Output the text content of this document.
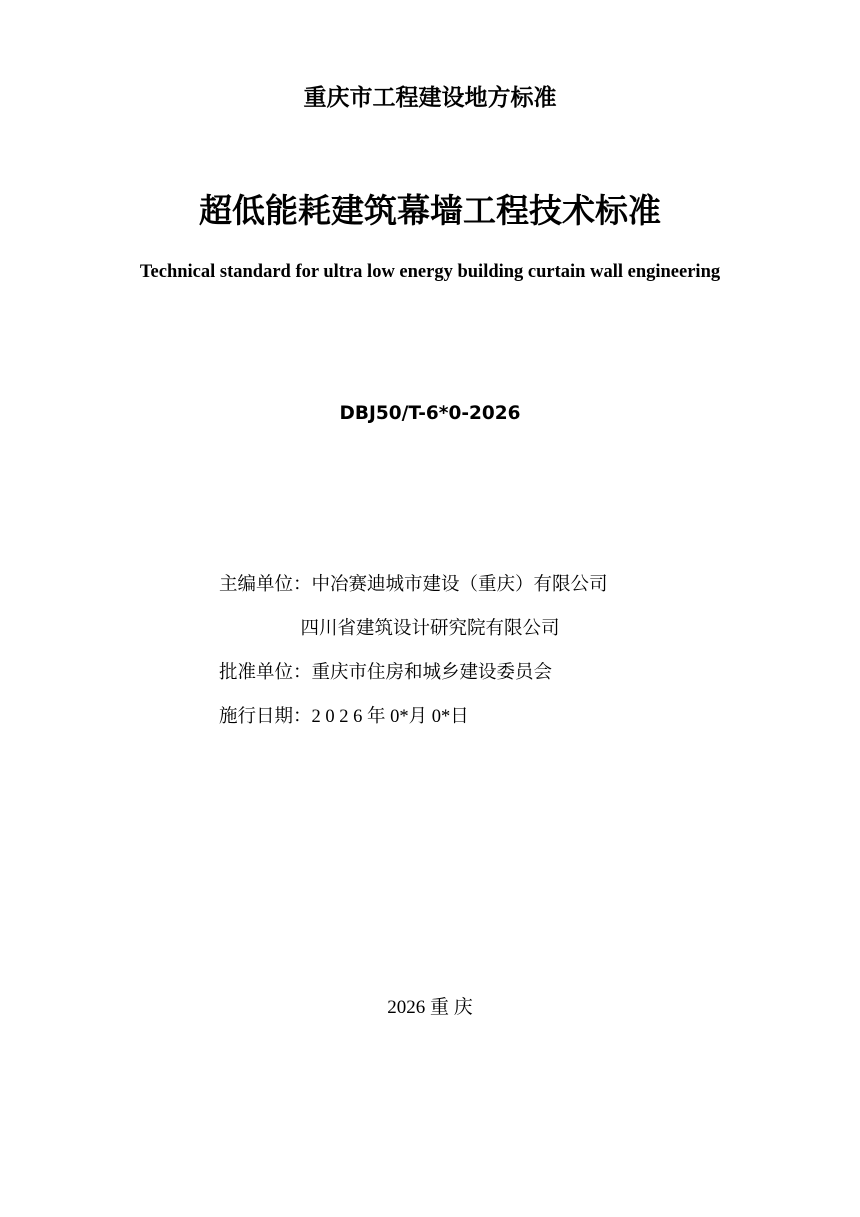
重庆市工程建设地方标准
超低能耗建筑幕墙工程技术标准
Technical standard for ultra low energy building curtain wall engineering
DBJ50/T-6*0-2026
主编单位：中冶赛迪城市建设（重庆）有限公司
四川省建筑设计研究院有限公司
批准单位：重庆市住房和城乡建设委员会
施行日期：2 0 2 6 年 0*月 0*日
2026 重 庆
